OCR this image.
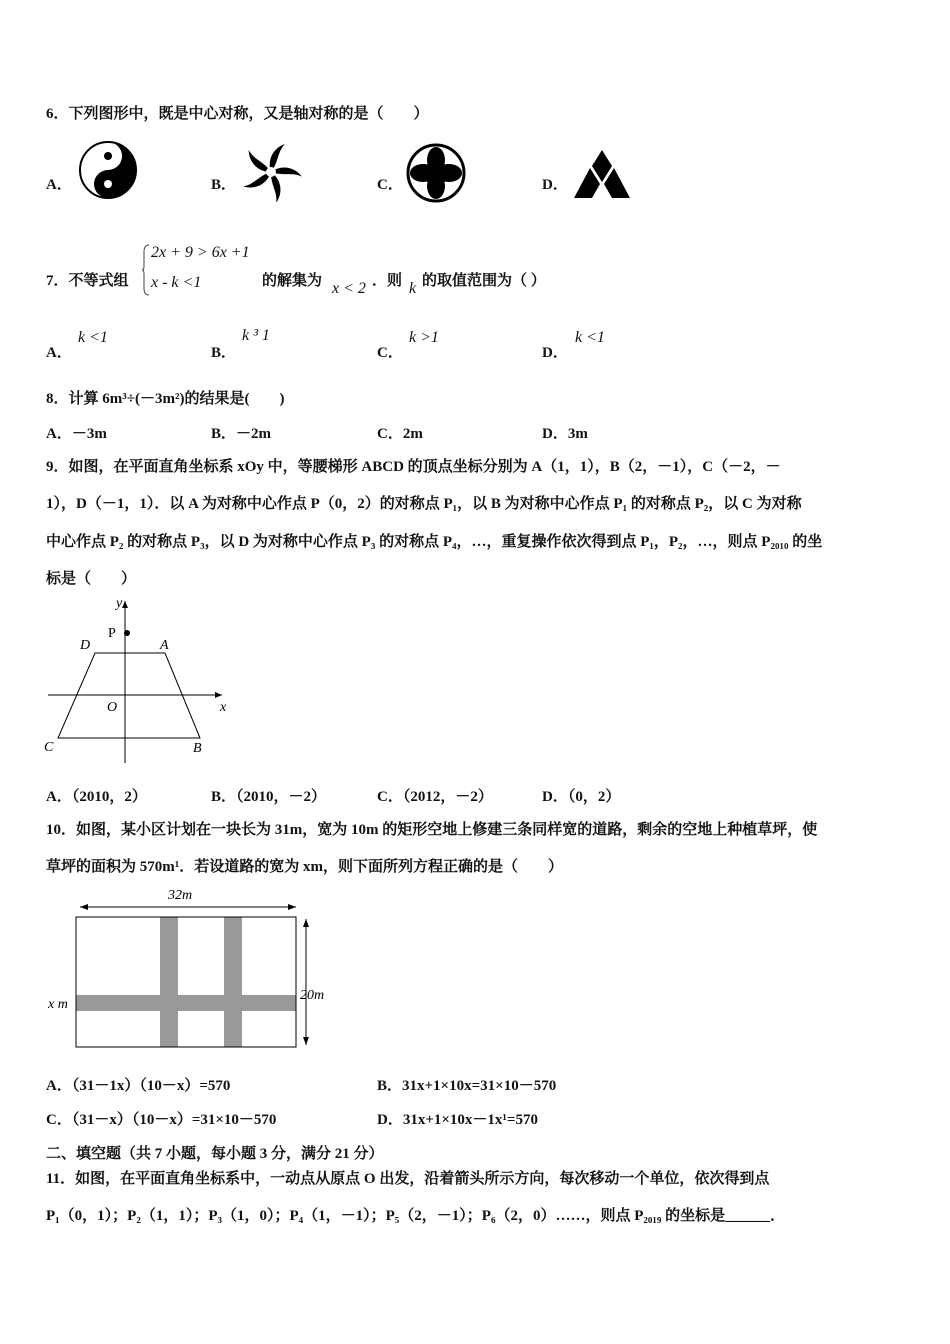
6．下列图形中，既是中心对称，又是轴对称的是（　　）
A．	B．	C．	D．
7．不等式组
2x + 9 > 6x +1
x - k <1	的解集为 x < 2 ．则 k 的取值范围为（ ）
A．
k <1
B．
k ³ 1
C．
k >1
D．
k <1
8．计算 6m³÷(－3m²)的结果是(　　)
A．－3m	B．－2m	C．2m	D．3m
9．如图，在平面直角坐标系 xOy 中，等腰梯形 ABCD 的顶点坐标分别为 A（1，1），B（2，－1），C（－2，－
1），D（－1，1）．以 A 为对称中心作点 P（0，2）的对称点 P₁，以 B 为对称中心作点 P₁ 的对称点 P₂，以 C 为对称
中心作点 P₂ 的对称点 P₃，以 D 为对称中心作点 P₃ 的对称点 P₄，…，重复操作依次得到点 P₁，P₂，…，则点 P₂₀₁₀ 的坐
标是（　　）
y
x
P
D	A
O
C	B
A．（2010，2）	B．（2010，－2）	C．（2012，－2）	D．（0，2）
10．如图，某小区计划在一块长为 31m，宽为 10m 的矩形空地上修建三条同样宽的道路，剩余的空地上种植草坪，使
草坪的面积为 570m¹．若设道路的宽为 xm，则下面所列方程正确的是（　　）
32m
20m
x m
A．（31－1x）（10－x）=570	B．31x+1×10x=31×10－570
C．（31－x）（10－x）=31×10－570	D．31x+1×10x－1x¹=570
二、填空题（共 7 小题，每小题 3 分，满分 21 分）
11．如图，在平面直角坐标系中，一动点从原点 O 出发，沿着箭头所示方向，每次移动一个单位，依次得到点
P₁（0，1）；P₂（1，1）；P₃（1，0）；P₄（1，－1）；P₅（2，－1）；P₆（2，0）……，则点 P₂₀₁₉ 的坐标是______．
